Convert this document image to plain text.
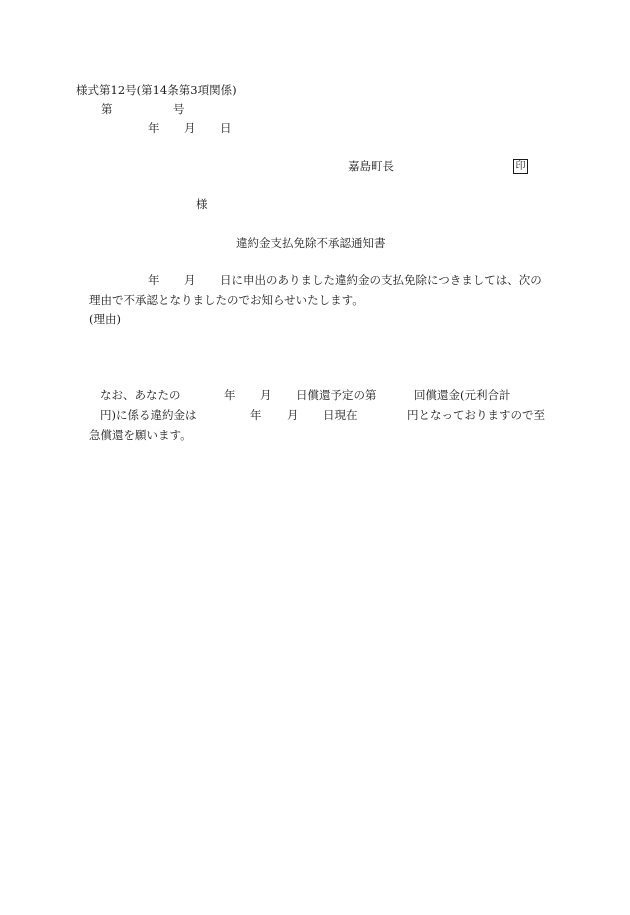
様式第12号(第14条第3項関係)
第	号
年 月 日
嘉島町長	印
様
違約金支払免除不承認通知書
年 月 日に申出のありました違約金の支払免除につきましては、次の
理由で不承認となりましたのでお知らせいたします。
(理由)
なお、あなたの	年 月 日償還予定の第	回償還金(元利合計
円)に係る違約金は	年 月 日現在	円となっておりますので至
急償還を願います。
